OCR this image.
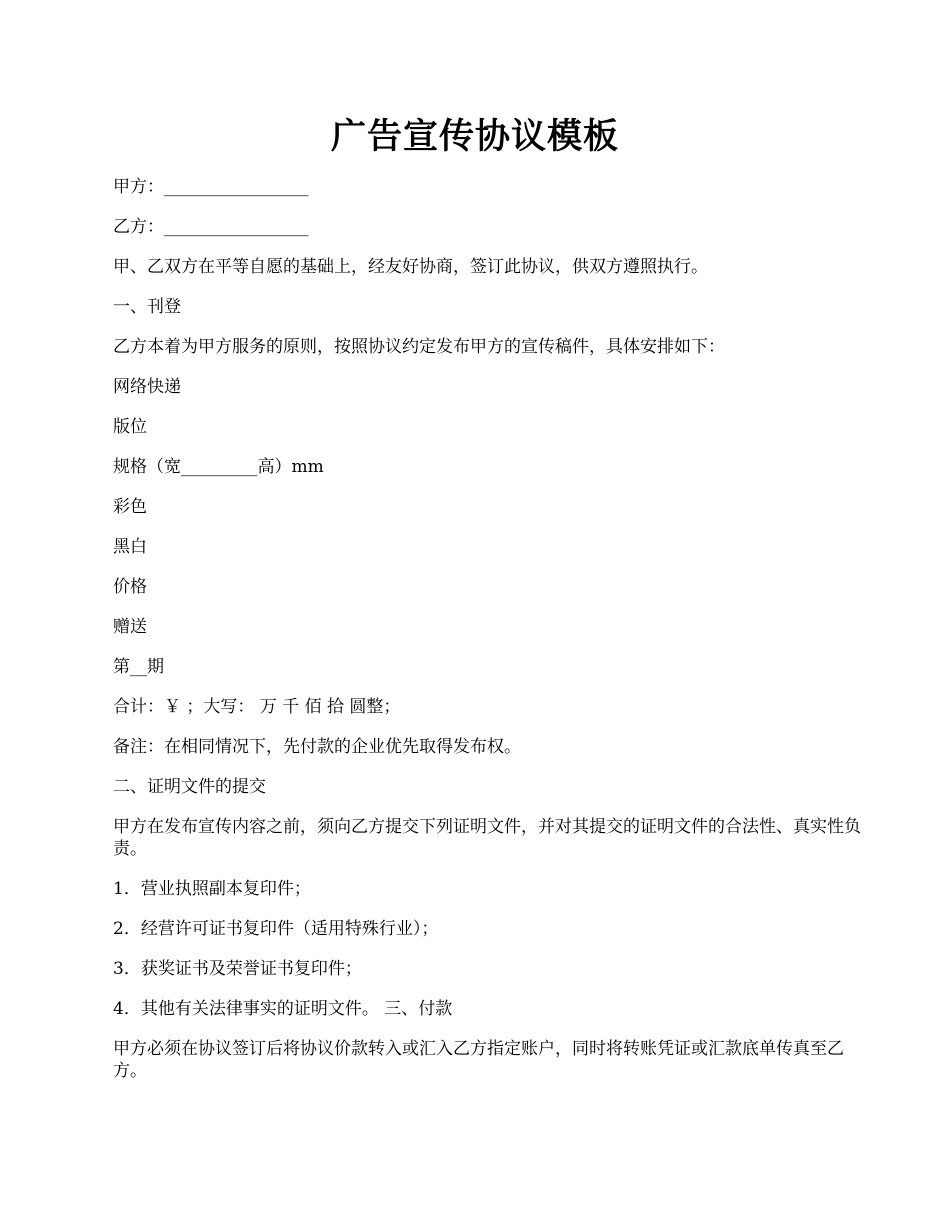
广告宣传协议模板
甲方：_________________
乙方：_________________
甲、乙双方在平等自愿的基础上，经友好协商，签订此协议，供双方遵照执行。
一、刊登
乙方本着为甲方服务的原则，按照协议约定发布甲方的宣传稿件，具体安排如下：
网络快递
版位
规格（宽_________高）mm
彩色
黑白
价格
赠送
第__期
合计：￥ ；大写： 万 千 佰 拾 圆整；
备注：在相同情况下，先付款的企业优先取得发布权。
二、证明文件的提交
甲方在发布宣传内容之前，须向乙方提交下列证明文件，并对其提交的证明文件的合法性、真实性负责。
1．营业执照副本复印件；
2．经营许可证书复印件（适用特殊行业）；
3．获奖证书及荣誉证书复印件；
4．其他有关法律事实的证明文件。 三、付款
甲方必须在协议签订后将协议价款转入或汇入乙方指定账户，同时将转账凭证或汇款底单传真至乙方。
